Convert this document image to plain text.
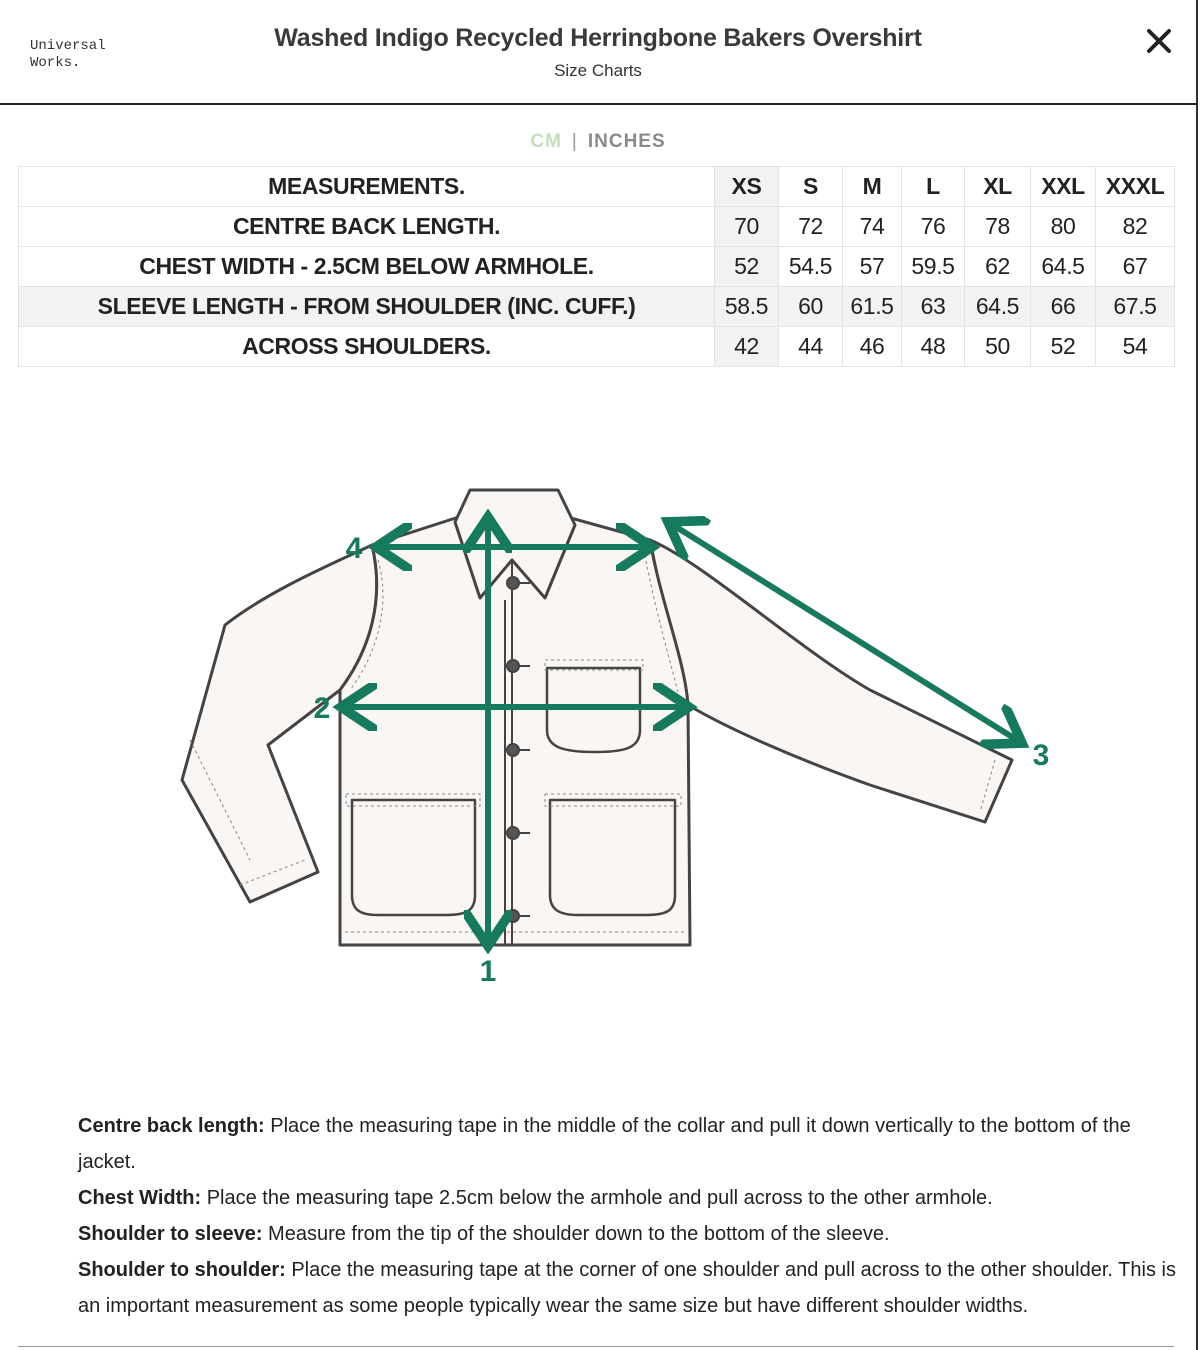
Universal
Works.
Washed Indigo Recycled Herringbone Bakers Overshirt
Size Charts
CM | INCHES
MEASUREMENTS.	XS	S	M	L	XL	XXL	XXXL
CENTRE BACK LENGTH.	70	72	74	76	78	80	82
CHEST WIDTH - 2.5CM BELOW ARMHOLE.	52	54.5	57	59.5	62	64.5	67
SLEEVE LENGTH - FROM SHOULDER (INC. CUFF.)	58.5	60	61.5	63	64.5	66	67.5
ACROSS SHOULDERS.	42	44	46	48	50	52	54
1
2
3
4

Centre back length: Place the measuring tape in the middle of the collar and pull it down vertically to the bottom of the jacket.

Chest Width: Place the measuring tape 2.5cm below the armhole and pull across to the other armhole.

Shoulder to sleeve: Measure from the tip of the shoulder down to the bottom of the sleeve.

Shoulder to shoulder: Place the measuring tape at the corner of one shoulder and pull across to the other shoulder. This is an important measurement as some people typically wear the same size but have different shoulder widths.
